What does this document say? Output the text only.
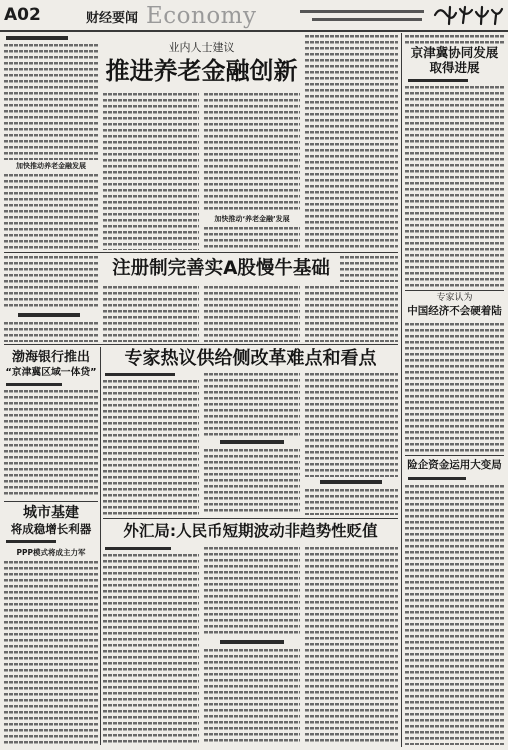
A02	财经要闻 Economy
加快推动养老金融发展
业内人士建议
推进养老金融创新
加快推动‘养老金融’发展
注册制完善实A股慢牛基础
渤海银行推出
“京津冀区域一体贷”
城市基建
将成稳增长利器
PPP模式将成主力军
专家热议供给侧改革难点和看点
外汇局:人民币短期波动非趋势性贬值
京津冀协同发展
取得进展
专家认为
中国经济不会硬着陆
险企资金运用大变局
